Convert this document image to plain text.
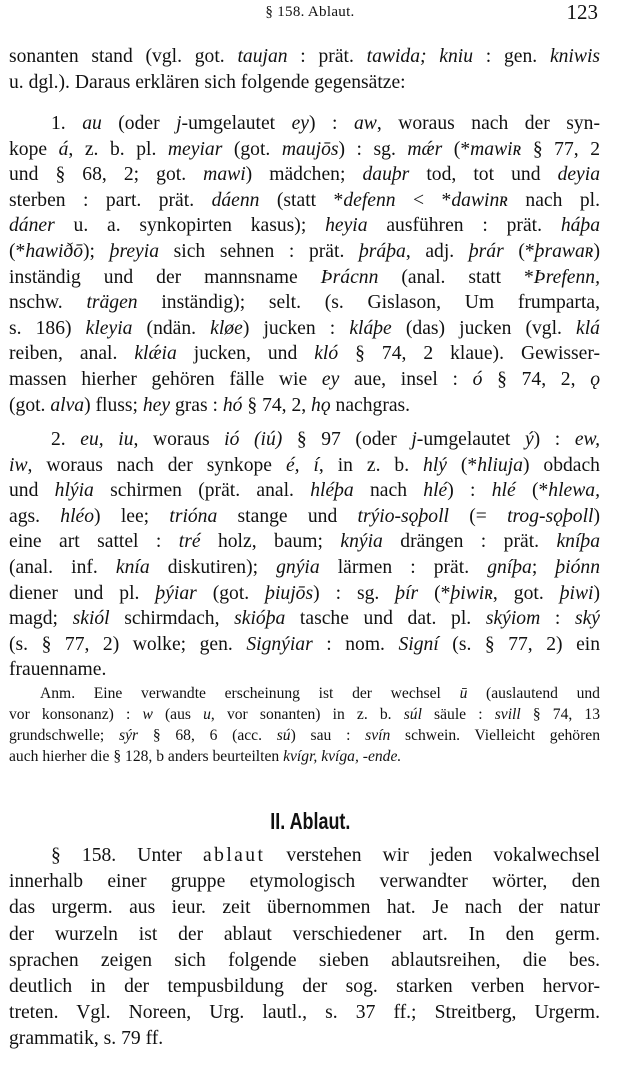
§ 158. Ablaut.	123
sonanten stand (vgl. got. taujan : prät. tawida; kniu : gen. kniwis
u. dgl.). Daraus erklären sich folgende gegensätze:
1. au (oder j-umgelautet ey) : aw, woraus nach der syn-
kope á, z. b. pl. meyiar (got. maujōs) : sg. mǽr (*mawiʀ § 77, 2
und § 68, 2; got. mawi) mädchen; dauþr tod, tot und deyia
sterben : part. prät. dáenn (statt *defenn < *dawinʀ nach pl.
dáner u. a. synkopirten kasus); heyia ausführen : prät. háþa
(*hawiðō); þreyia sich sehnen : prät. þráþa, adj. þrár (*þrawaʀ)
inständig und der mannsname Þrácnn (anal. statt *Þrefenn,
nschw. trägen inständig); selt. (s. Gislason, Um frumparta,
s. 186) kleyia (ndän. kløe) jucken : kláþe (das) jucken (vgl. klá
reiben, anal. klǽia jucken, und kló § 74, 2 klaue). Gewisser-
massen hierher gehören fälle wie ey aue, insel : ó § 74, 2, ǫ
(got. alva) fluss; hey gras : hó § 74, 2, hǫ nachgras.
2. eu, iu, woraus ió (iú) § 97 (oder j-umgelautet ý) : ew,
iw, woraus nach der synkope é, í, in z. b. hlý (*hliuja) obdach
und hlýia schirmen (prät. anal. hléþa nach hlé) : hlé (*hlewa,
ags. hléo) lee; trióna stange und trýio-sǫþoll (= trog-sǫþoll)
eine art sattel : tré holz, baum; knýia drängen : prät. kníþa
(anal. inf. knía diskutiren); gnýia lärmen : prät. gníþa; þiónn
diener und pl. þýiar (got. þiujōs) : sg. þír (*þiwiʀ, got. þiwi)
magd; skiól schirmdach, skióþa tasche und dat. pl. skýiom : ský
(s. § 77, 2) wolke; gen. Signýiar : nom. Signí (s. § 77, 2) ein
frauenname.
Anm. Eine verwandte erscheinung ist der wechsel ū (auslautend und
vor konsonanz) : w (aus u, vor sonanten) in z. b. súl säule : svill § 74, 13
grundschwelle; sýr § 68, 6 (acc. sú) sau : svín schwein. Vielleicht gehören
auch hierher die § 128, b anders beurteilten kvígr, kvíga, -ende.
II. Ablaut.
§ 158. Unter ablaut verstehen wir jeden vokalwechsel
innerhalb einer gruppe etymologisch verwandter wörter, den
das urgerm. aus ieur. zeit übernommen hat. Je nach der natur
der wurzeln ist der ablaut verschiedener art. In den germ.
sprachen zeigen sich folgende sieben ablautsreihen, die bes.
deutlich in der tempusbildung der sog. starken verben hervor-
treten. Vgl. Noreen, Urg. lautl., s. 37 ff.; Streitberg, Urgerm.
grammatik, s. 79 ff.
